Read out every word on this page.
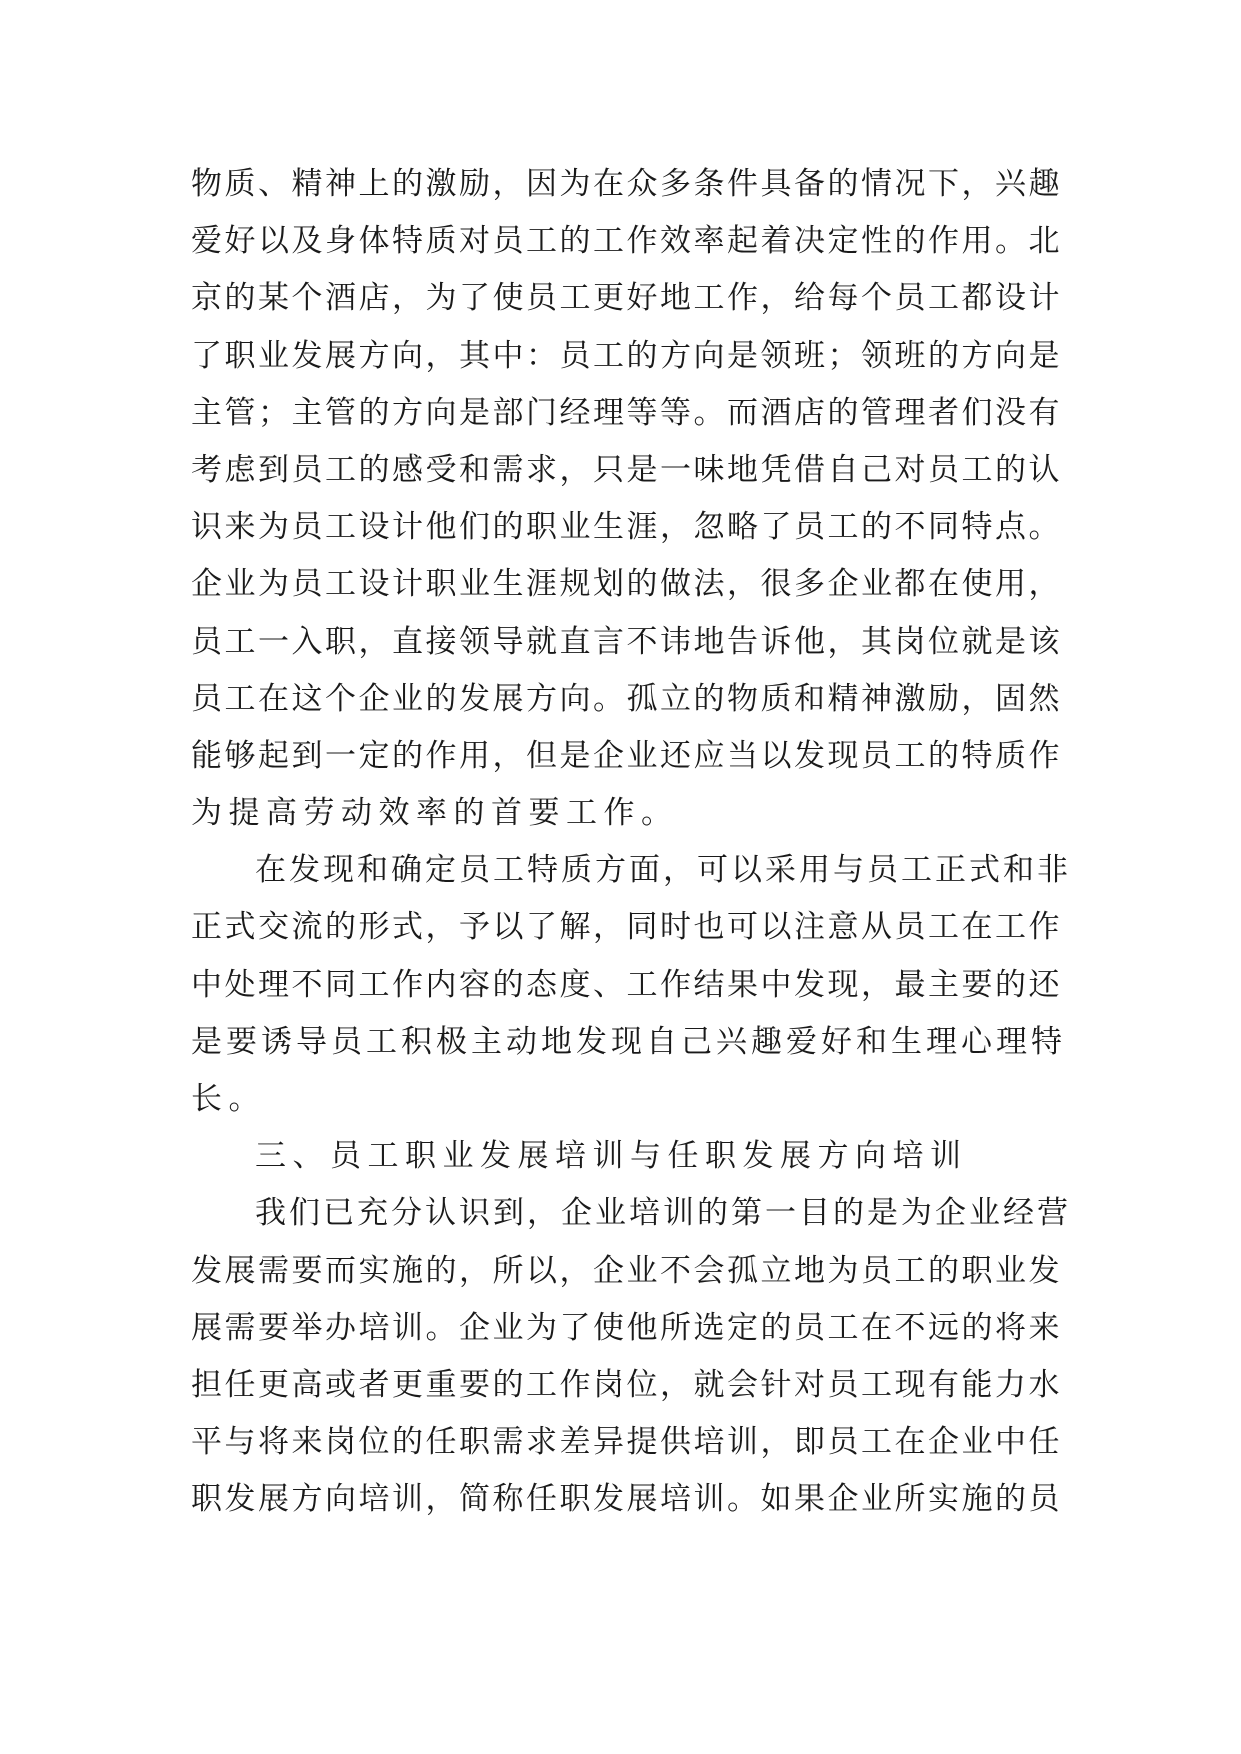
物质、精神上的激励，因为在众多条件具备的情况下，兴趣
爱好以及身体特质对员工的工作效率起着决定性的作用。北
京的某个酒店，为了使员工更好地工作，给每个员工都设计
了职业发展方向，其中：员工的方向是领班；领班的方向是
主管；主管的方向是部门经理等等。而酒店的管理者们没有
考虑到员工的感受和需求，只是一味地凭借自己对员工的认
识来为员工设计他们的职业生涯，忽略了员工的不同特点。
企业为员工设计职业生涯规划的做法，很多企业都在使用，
员工一入职，直接领导就直言不讳地告诉他，其岗位就是该
员工在这个企业的发展方向。孤立的物质和精神激励，固然
能够起到一定的作用，但是企业还应当以发现员工的特质作
为提高劳动效率的首要工作。
在发现和确定员工特质方面，可以采用与员工正式和非
正式交流的形式，予以了解，同时也可以注意从员工在工作
中处理不同工作内容的态度、工作结果中发现，最主要的还
是要诱导员工积极主动地发现自己兴趣爱好和生理心理特
长。
三、员工职业发展培训与任职发展方向培训
我们已充分认识到，企业培训的第一目的是为企业经营
发展需要而实施的，所以，企业不会孤立地为员工的职业发
展需要举办培训。企业为了使他所选定的员工在不远的将来
担任更高或者更重要的工作岗位，就会针对员工现有能力水
平与将来岗位的任职需求差异提供培训，即员工在企业中任
职发展方向培训，简称任职发展培训。如果企业所实施的员
